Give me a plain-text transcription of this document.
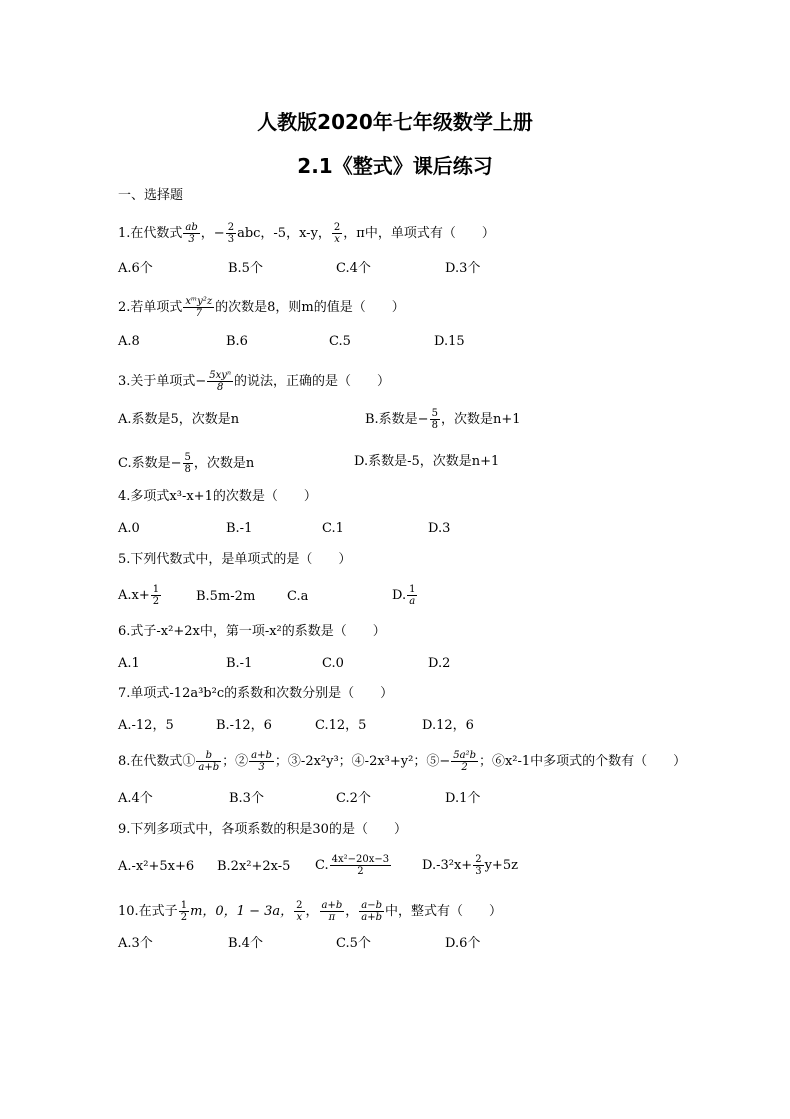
人教版2020年七年级数学上册
2.1《整式》课后练习
一、选择题
1.在代数式 $\frac{ab}{3}$ ，− $\frac{2}{3}$ abc，-5，x-y， $\frac{2}{x}$ ，π中，单项式有（　　）
A.6个	B.5个	C.4个	D.3个
2.若单项式 $\frac{\text{xᵐy²z}}{7}$ 的次数是8，则m的值是（　　）
A.8	B.6	C.5	D.15
3.关于单项式− $\frac{\text{5xyⁿ}}{8}$ 的说法，正确的是（　　）
A.系数是5，次数是n	B.系数是− $\frac{5}{8}$ ，次数是n+1
C.系数是− $\frac{5}{8}$ ，次数是n	D.系数是-5，次数是n+1
4.多项式x³-x+1的次数是（　　）
A.0	B.-1	C.1	D.3
5.下列代数式中，是单项式的是（　　）
$A.x+ \frac{1}{2}$	B.5m-2m C.a	D. $\frac{1}{a}$
6.式子-x²+2x中，第一项-x²的系数是（　　）
A.1	B.-1	C.0	D.2
7.单项式-12a³b²c的系数和次数分别是（　　）
A.-12，5	B.-12，6	C.12，5	D.12，6
8.在代数式① $\frac{b}{a+b}$ ；② $\frac{a+b}{3}$ ；③-2x²y³；④-2x³+y²；⑤− $\frac{\text{5a²b}}{2}$ ；⑥x²-1中多项式的个数有（　　）
A.4个	B.3个	C.2个	D.1个
9.下列多项式中，各项系数的积是30的是（　　）
A.-x²+5x+6 B.2x²+2x-5 C. $\frac{\text{4x²−20x−3}}{2} D.-3^2x+ \frac{2}{3} y+5z$
10.在式子 $\frac{1}{2}$ m，0，1 − 3a， $\frac{2}{x}$ ， $\frac{a+b}{\pi}$ ， $\frac{a-b}{a+b}$ 中，整式有（　　）
A.3个	B.4个	C.5个	D.6个
